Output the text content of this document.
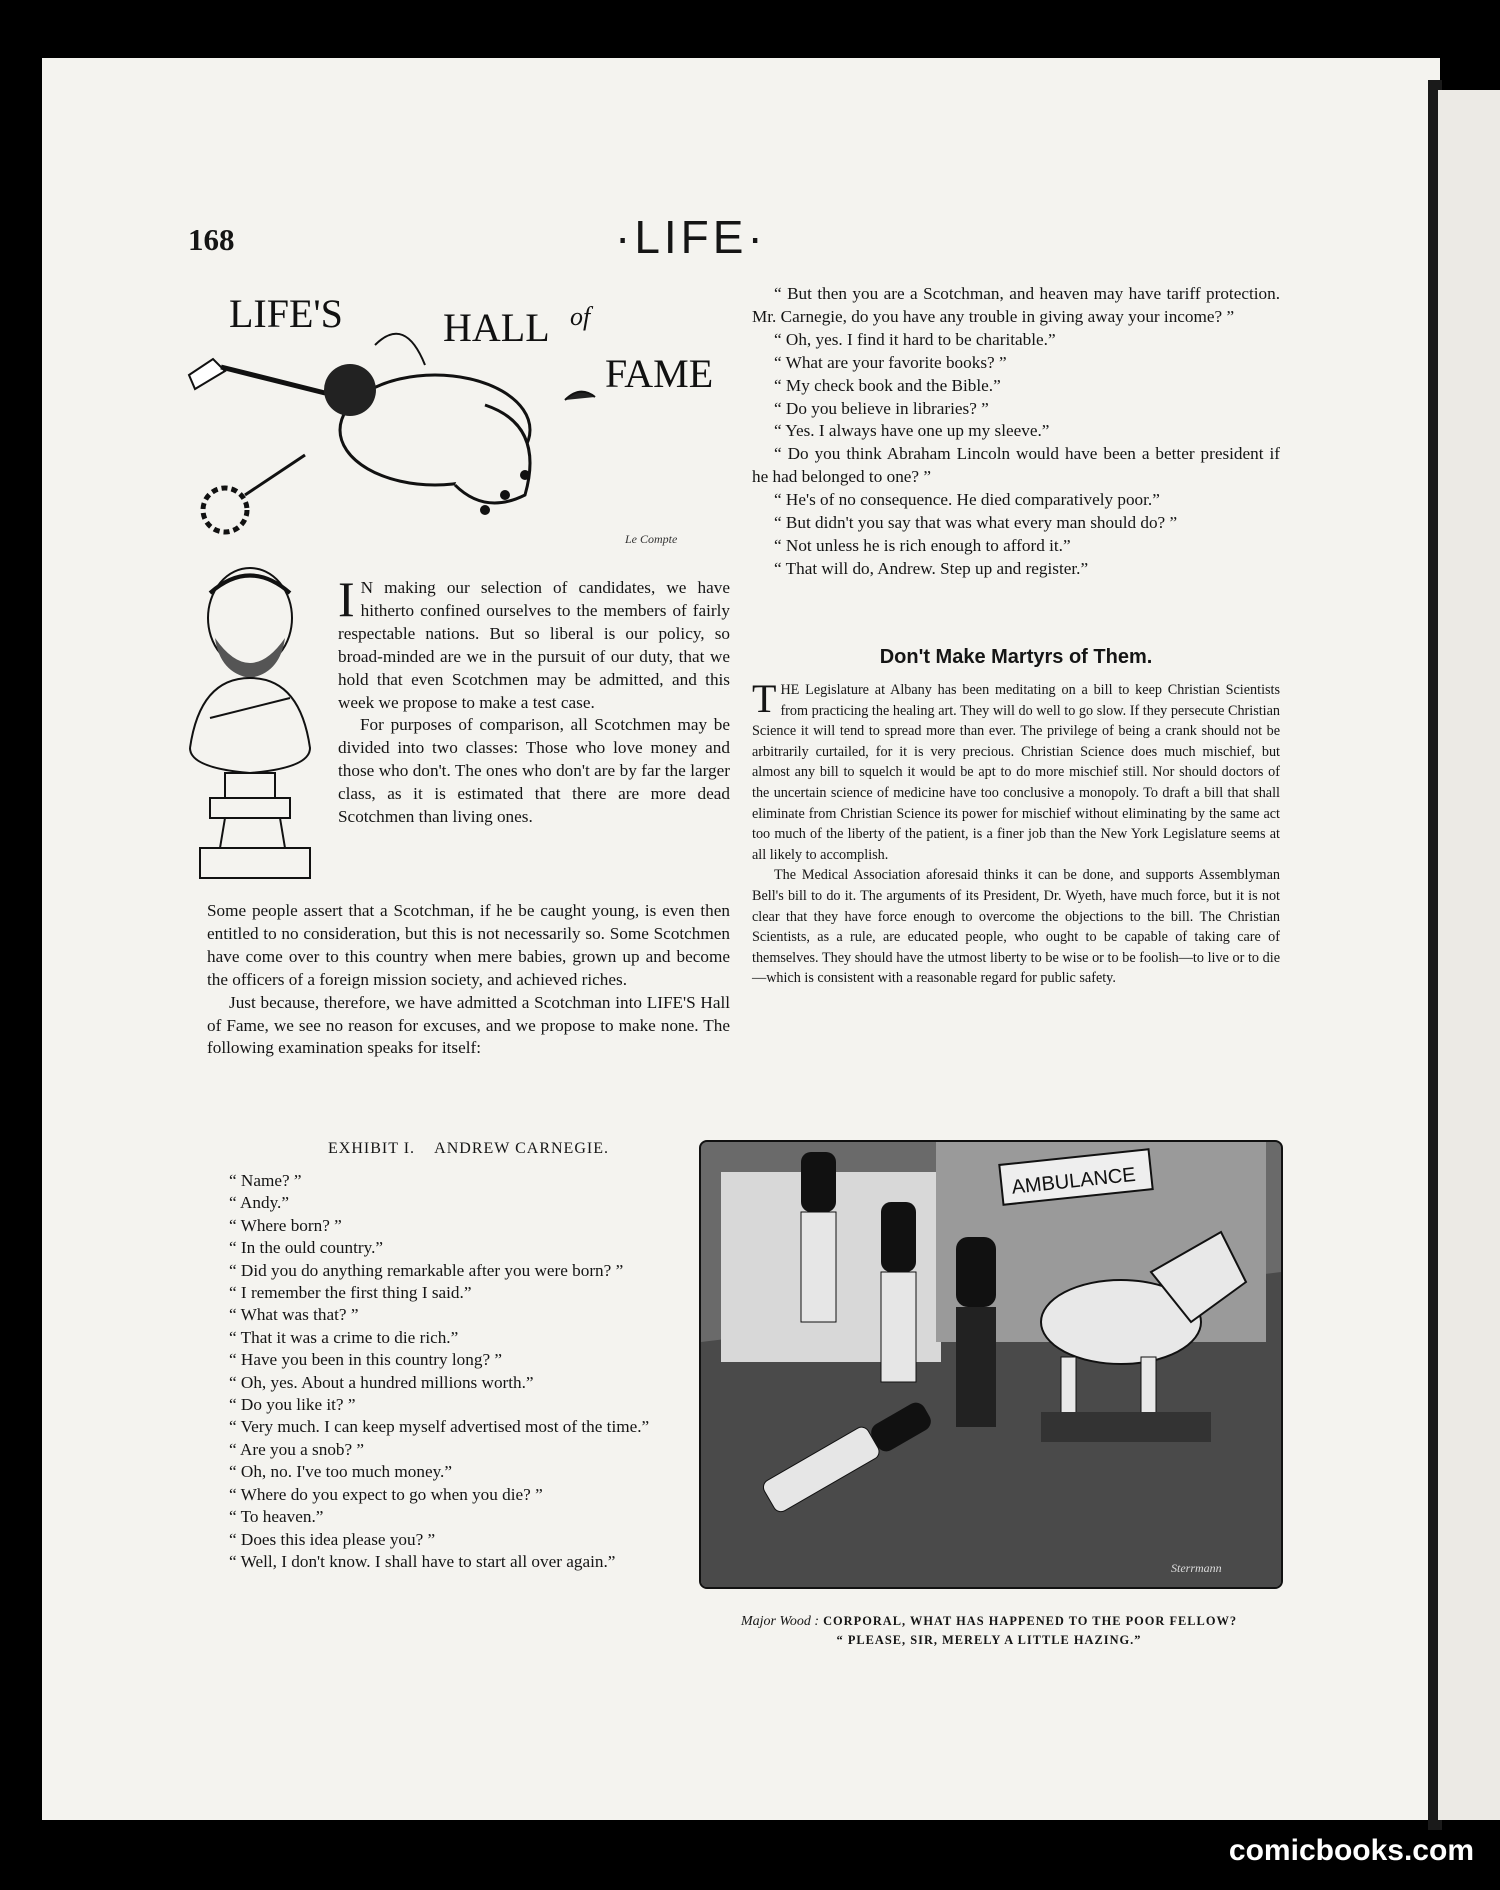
168	·LIFE·
LIFE'S	HALL of
FAME
Le Compte

I N making our selection of candidates, we have hitherto confined ourselves to the members of fairly respectable nations. But so liberal is our policy, so broad-minded are we in the pursuit of our duty, that we hold that even Scotchmen may be admitted, and this week we propose to make a test case.

For purposes of comparison, all Scotchmen may be divided into two classes: Those who love money and those who don't. The ones who don't are by far the larger class, as it is estimated that there are more dead Scotchmen than living ones.

Some people assert that a Scotchman, if he be caught young, is even then entitled to no consideration, but this is not necessarily so. Some Scotchmen have come over to this country when mere babies, grown up and become the officers of a foreign mission society, and achieved riches.

Just because, therefore, we have admitted a Scotchman into LIFE'S Hall of Fame, we see no reason for excuses, and we propose to make none. The following examination speaks for itself:

EXHIBIT I. ANDREW CARNEGIE.

“ Name? ”

“ Andy.”

“ Where born? ”

“ In the ould country.”

“ Did you do anything remarkable after you were born? ”

“ I remember the first thing I said.”

“ What was that? ”

“ That it was a crime to die rich.”

“ Have you been in this country long? ”

“ Oh, yes. About a hundred millions worth.”

“ Do you like it? ”

“ Very much. I can keep myself advertised most of the time.”

“ Are you a snob? ”

“ Oh, no. I've too much money.”

“ Where do you expect to go when you die? ”

“ To heaven.”

“ Does this idea please you? ”

“ Well, I don't know. I shall have to start all over again.”

“ But then you are a Scotchman, and heaven may have tariff protection. Mr. Carnegie, do you have any trouble in giving away your income? ”

“ Oh, yes. I find it hard to be charitable.”

“ What are your favorite books? ”

“ My check book and the Bible.”

“ Do you believe in libraries? ”

“ Yes. I always have one up my sleeve.”

“ Do you think Abraham Lincoln would have been a better president if he had belonged to one? ”

“ He's of no consequence. He died comparatively poor.”

“ But didn't you say that was what every man should do? ”

“ Not unless he is rich enough to afford it.”

“ That will do, Andrew. Step up and register.”

Don't Make Martyrs of Them.

THE Legislature at Albany has been meditating on a bill to keep Christian Scientists from practicing the healing art. They will do well to go slow. If they persecute Christian Science it will tend to spread more than ever. The privilege of being a crank should not be arbitrarily curtailed, for it is very precious. Christian Science does much mischief, but almost any bill to squelch it would be apt to do more mischief still. Nor should doctors of the uncertain science of medicine have too conclusive a monopoly. To draft a bill that shall eliminate from Christian Science its power for mischief without eliminating by the same act too much of the liberty of the patient, is a finer job than the New York Legislature seems at all likely to accomplish.

The Medical Association aforesaid thinks it can be done, and supports Assemblyman Bell's bill to do it. The arguments of its President, Dr. Wyeth, have much force, but it is not clear that they have force enough to overcome the objections to the bill. The Christian Scientists, as a rule, are educated people, who ought to be capable of taking care of themselves. They should have the utmost liberty to be wise or to be foolish—to live or to die—which is consistent with a reasonable regard for public safety.

AMBULANCE
Sterrmann
Major Wood : CORPORAL, WHAT HAS HAPPENED TO THE POOR FELLOW?
“ PLEASE, SIR, MERELY A LITTLE HAZING.”
comicbooks.com
